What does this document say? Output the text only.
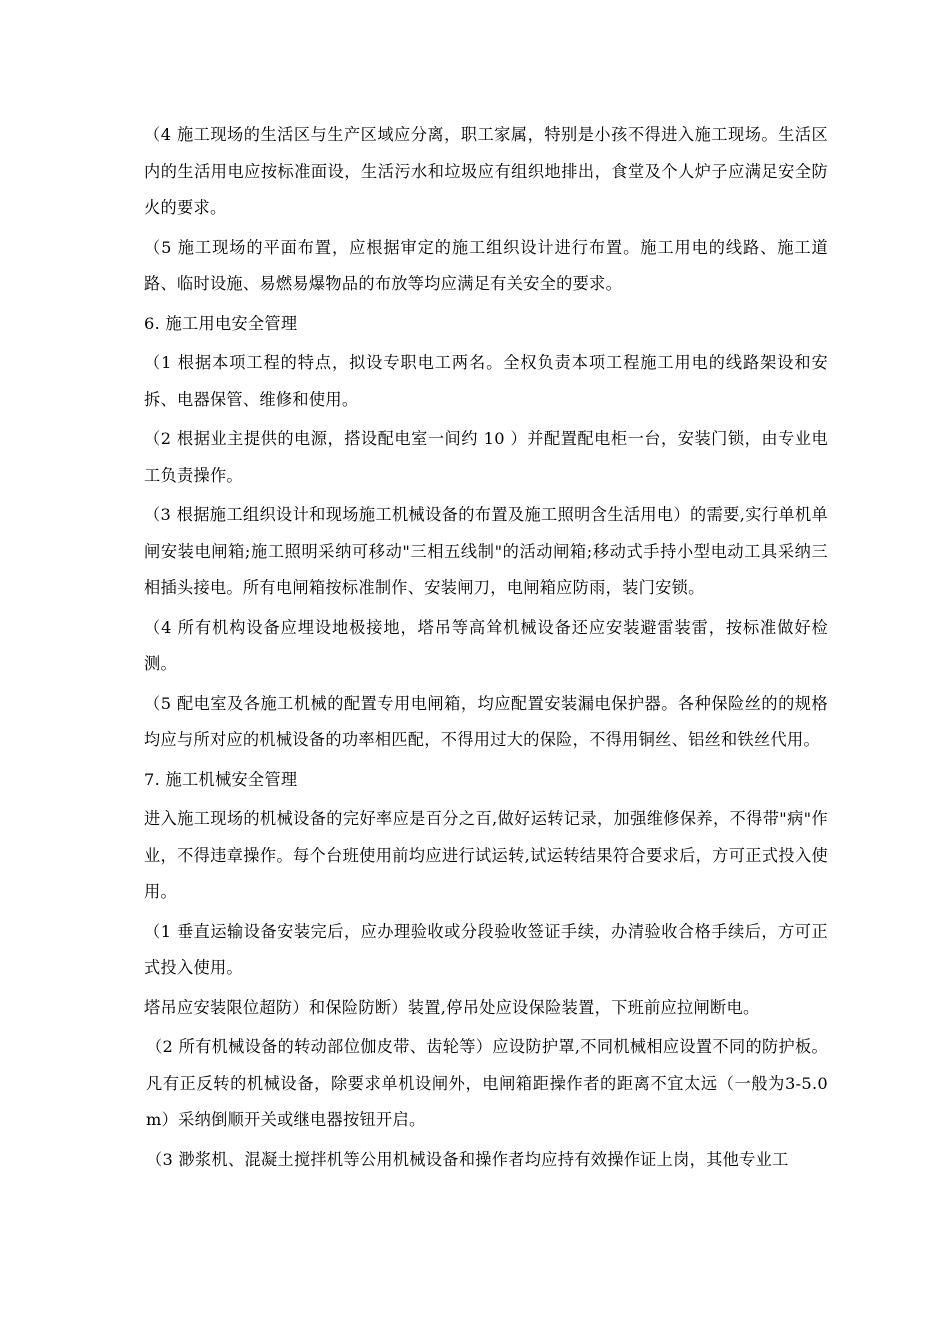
（4 施工现场的生活区与生产区域应分离，职工家属，特别是小孩不得进入施工现场。生活区内的生活用电应按标准面设，生活污水和垃圾应有组织地排出，食堂及个人炉子应满足安全防火的要求。

（5 施工现场的平面布置，应根据审定的施工组织设计进行布置。施工用电的线路、施工道路、临时设施、易燃易爆物品的布放等均应满足有关安全的要求。

6. 施工用电安全管理

（1 根据本项工程的特点，拟设专职电工两名。全权负责本项工程施工用电的线路架设和安拆、电器保管、维修和使用。

（2 根据业主提供的电源，搭设配电室一间约 10 ）并配置配电柜一台，安装门锁，由专业电工负责操作。

（3 根据施工组织设计和现场施工机械设备的布置及施工照明含生活用电）的需要,实行单机单闸安装电闸箱;施工照明采纳可移动"三相五线制"的活动闸箱;移动式手持小型电动工具采纳三相插头接电。所有电闸箱按标准制作、安装闸刀，电闸箱应防雨，装门安锁。

（4 所有机构设备应埋设地极接地，塔吊等高耸机械设备还应安装避雷装雷，按标准做好检测。

（5 配电室及各施工机械的配置专用电闸箱，均应配置安装漏电保护器。各种保险丝的的规格均应与所对应的机械设备的功率相匹配，不得用过大的保险，不得用铜丝、铝丝和铁丝代用。

7. 施工机械安全管理

进入施工现场的机械设备的完好率应是百分之百,做好运转记录，加强维修保养，不得带"病"作业，不得违章操作。每个台班使用前均应进行试运转,试运转结果符合要求后，方可正式投入使用。

（1 垂直运输设备安装完后，应办理验收或分段验收签证手续，办清验收合格手续后，方可正式投入使用。

塔吊应安装限位超防）和保险防断）装置,停吊处应设保险装置，下班前应拉闸断电。

（2 所有机械设备的转动部位伽皮带、齿轮等）应设防护罩,不同机械相应设置不同的防护板。凡有正反转的机械设备，除要求单机设闸外，电闸箱距操作者的距离不宜太远（一般为3-5.0m）采纳倒顺开关或继电器按钮开启。

（3 渺浆机、混凝土搅拌机等公用机械设备和操作者均应持有效操作证上岗，其他专业工
